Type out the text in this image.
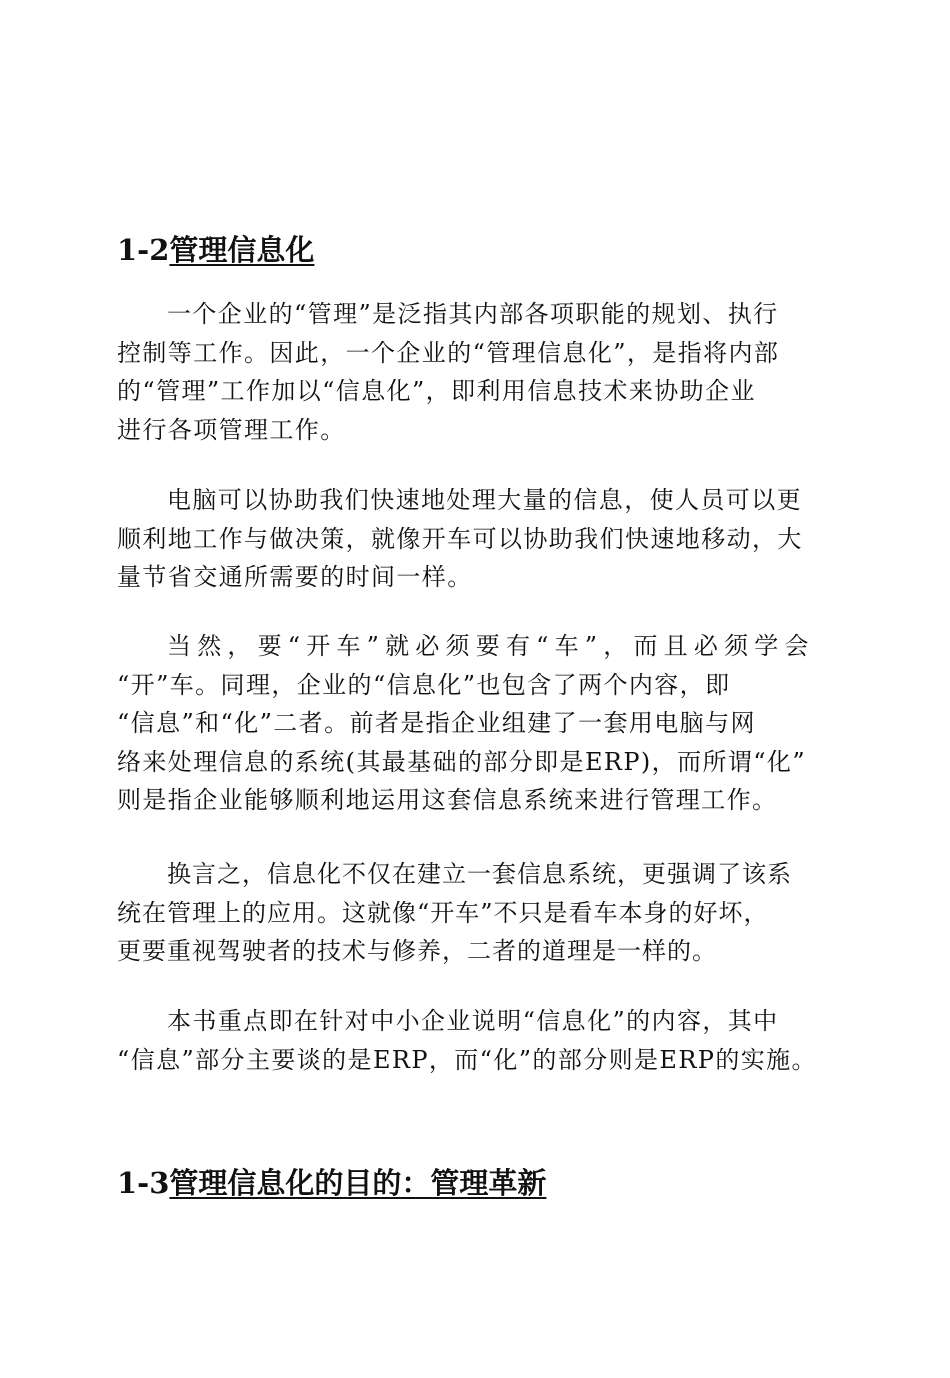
1-2管理信息化

一个企业的“管理”是泛指其内部各项职能的规划、执行
控制等工作。因此，一个企业的“管理信息化”，是指将内部
的“管理”工作加以“信息化”，即利用信息技术来协助企业
进行各项管理工作。

电脑可以协助我们快速地处理大量的信息，使人员可以更
顺利地工作与做决策，就像开车可以协助我们快速地移动，大
量节省交通所需要的时间一样。

当然，要“开车”就必须要有“车”，而且必须学会
“开”车。同理，企业的“信息化”也包含了两个内容，即
“信息”和“化”二者。前者是指企业组建了一套用电脑与网
络来处理信息的系统(其最基础的部分即是ERP)，而所谓“化”
则是指企业能够顺利地运用这套信息系统来进行管理工作。

换言之，信息化不仅在建立一套信息系统，更强调了该系
统在管理上的应用。这就像“开车”不只是看车本身的好坏，
更要重视驾驶者的技术与修养，二者的道理是一样的。

本书重点即在针对中小企业说明“信息化”的内容，其中
“信息”部分主要谈的是ERP，而“化”的部分则是ERP的实施。

1-3管理信息化的目的：管理革新
